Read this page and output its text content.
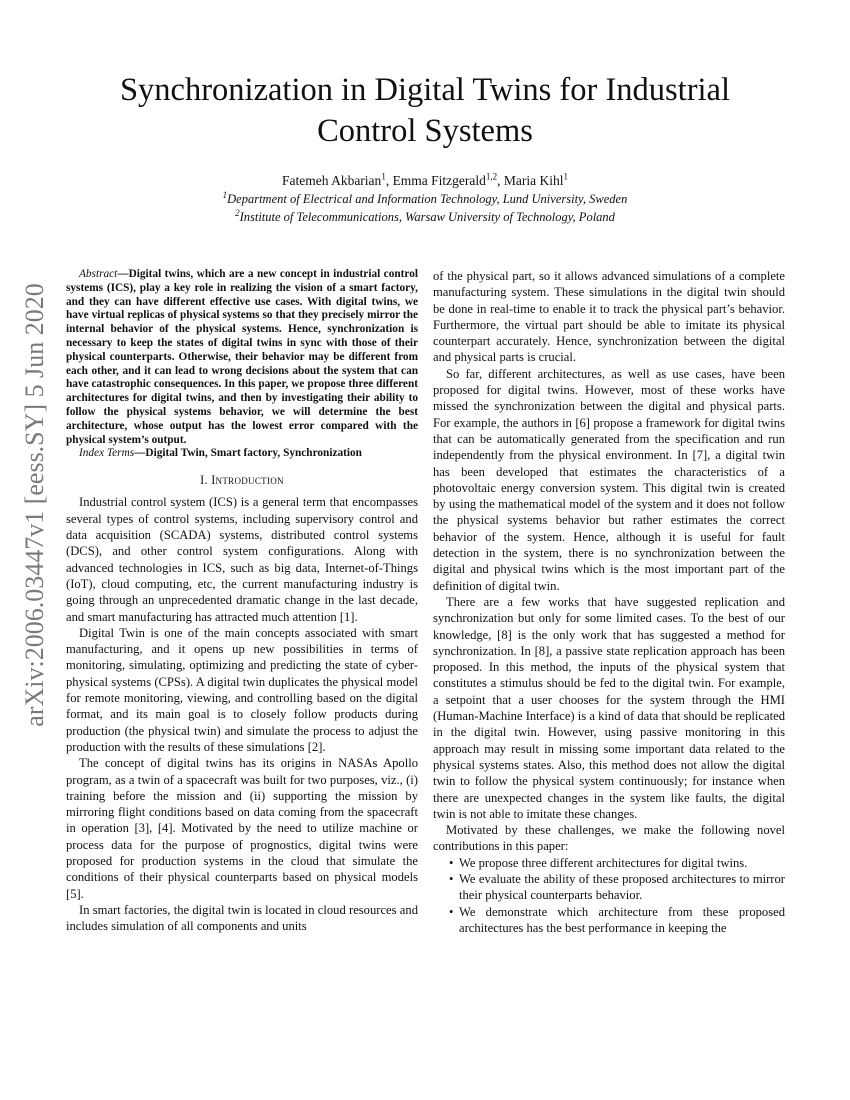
arXiv:2006.03447v1 [eess.SY] 5 Jun 2020
Synchronization in Digital Twins for Industrial
Control Systems
Fatemeh Akbarian$^1$, Emma Fitzgerald$^{1,2}$, Maria Kihl$^1$
$^1$Department of Electrical and Information Technology, Lund University, Sweden
$^2$Institute of Telecommunications, Warsaw University of Technology, Poland

Abstract—Digital twins, which are a new concept in industrial control systems (ICS), play a key role in realizing the vision of a smart factory, and they can have different effective use cases. With digital twins, we have virtual replicas of physical systems so that they precisely mirror the internal behavior of the physical systems. Hence, synchronization is necessary to keep the states of digital twins in sync with those of their physical counterparts. Otherwise, their behavior may be different from each other, and it can lead to wrong decisions about the system that can have catastrophic consequences. In this paper, we propose three different architectures for digital twins, and then by investigating their ability to follow the physical systems behavior, we will determine the best architecture, whose output has the lowest error compared with the physical system’s output.

Index Terms—Digital Twin, Smart factory, Synchronization

I. Introduction

Industrial control system (ICS) is a general term that encompasses several types of control systems, including supervisory control and data acquisition (SCADA) systems, distributed control systems (DCS), and other control system configurations. Along with advanced technologies in ICS, such as big data, Internet-of-Things (IoT), cloud computing, etc, the current manufacturing industry is going through an unprecedented dramatic change in the last decade, and smart manufacturing has attracted much attention [1].

Digital Twin is one of the main concepts associated with smart manufacturing, and it opens up new possibilities in terms of monitoring, simulating, optimizing and predicting the state of cyber-physical systems (CPSs). A digital twin duplicates the physical model for remote monitoring, viewing, and controlling based on the digital format, and its main goal is to closely follow products during production (the physical twin) and simulate the process to adjust the production with the results of these simulations [2].

The concept of digital twins has its origins in NASAs Apollo program, as a twin of a spacecraft was built for two purposes, viz., (i) training before the mission and (ii) supporting the mission by mirroring flight conditions based on data coming from the spacecraft in operation [3], [4]. Motivated by the need to utilize machine or process data for the purpose of prognostics, digital twins were proposed for production systems in the cloud that simulate the conditions of their physical counterparts based on physical models [5].

In smart factories, the digital twin is located in cloud resources and includes simulation of all components and units

of the physical part, so it allows advanced simulations of a complete manufacturing system. These simulations in the digital twin should be done in real-time to enable it to track the physical part’s behavior. Furthermore, the virtual part should be able to imitate its physical counterpart accurately. Hence, synchronization between the digital and physical parts is crucial.

So far, different architectures, as well as use cases, have been proposed for digital twins. However, most of these works have missed the synchronization between the digital and physical parts. For example, the authors in [6] propose a framework for digital twins that can be automatically generated from the specification and run independently from the physical environment. In [7], a digital twin has been developed that estimates the characteristics of a photovoltaic energy conversion system. This digital twin is created by using the mathematical model of the system and it does not follow the physical systems behavior but rather estimates the correct behavior of the system. Hence, although it is useful for fault detection in the system, there is no synchronization between the digital and physical twins which is the most important part of the definition of digital twin.

There are a few works that have suggested replication and synchronization but only for some limited cases. To the best of our knowledge, [8] is the only work that has suggested a method for synchronization. In [8], a passive state replication approach has been proposed. In this method, the inputs of the physical system that constitutes a stimulus should be fed to the digital twin. For example, a setpoint that a user chooses for the system through the HMI (Human-Machine Interface) is a kind of data that should be replicated in the digital twin. However, using passive monitoring in this approach may result in missing some important data related to the physical systems states. Also, this method does not allow the digital twin to follow the physical system continuously; for instance when there are unexpected changes in the system like faults, the digital twin is not able to imitate these changes.

Motivated by these challenges, we make the following novel contributions in this paper:

• We propose three different architectures for digital twins.
• We evaluate the ability of these proposed architectures to mirror their physical counterparts behavior.
• We demonstrate which architecture from these proposed architectures has the best performance in keeping the
